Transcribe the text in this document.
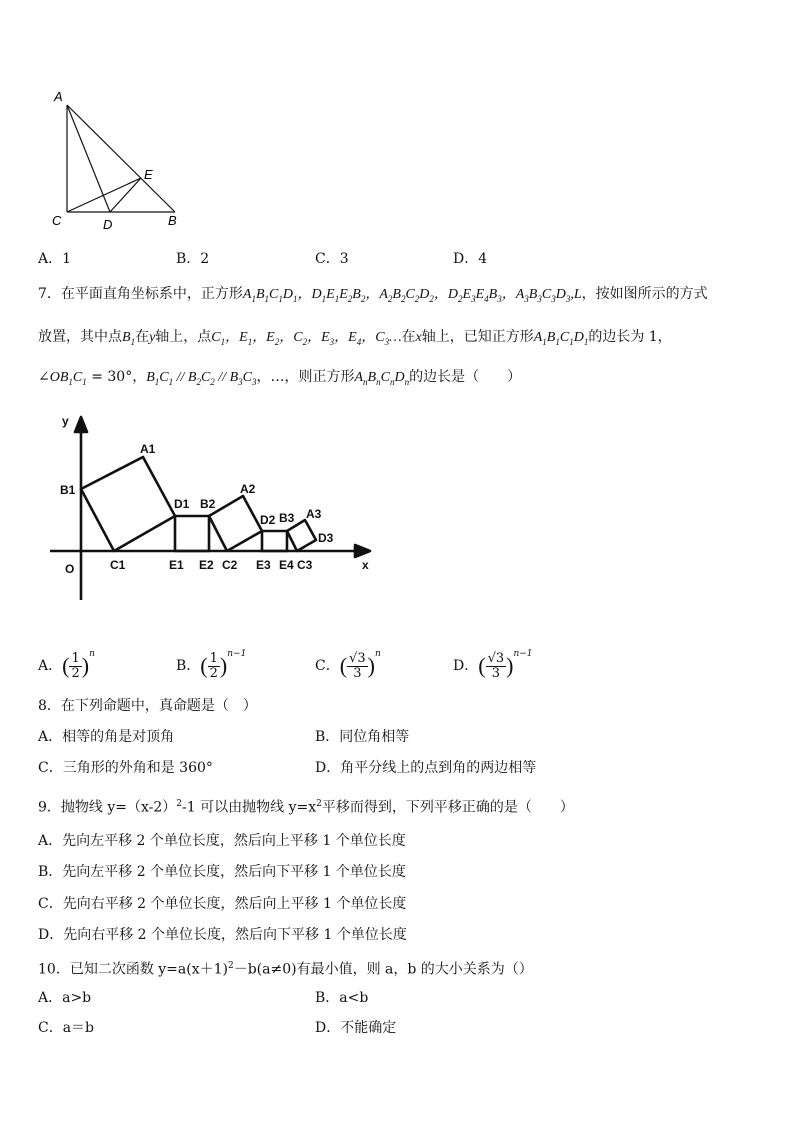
A
E
C	D	B
A．1	B．2	C．3	D．4
7．在平面直角坐标系中，正方形$A_1B_1C_1D_1$，$D_1E_1E_2B_2$，$A_2B_2C_2D_2$，$D_2E_3E_4B_3$，$A_3B_3C_3D_3,L$，按如图所示的方式
放置，其中点$B_1$在y轴上，点$C_1$，$E_1$，$E_2$，$C_2$，$E_3$，$E_4$，$C_3\dots$在x轴上，已知正方形$A_1B_1C_1D_1$的边长为 1，
$\angle OB_1C_1 = 30^\circ$，$B_1C_1 // B_2C_2 // B_3C_3$，…，则正方形$A_nB_nC_nD_n$的边长是（　　）
y
x
O
A1
B1
C1
D1
E1
B2
E2 C2
A2
D2
E3
B3
E4 C3
A3
D3
A．( $\frac{1}{2} )^n$
B．( $\frac{1}{2} )^{n-1}$
C．( $\frac{√3}{3} )^n$
D．( $\frac{√3}{3} )^{n-1}$
8．在下列命题中，真命题是（　）
A．相等的角是对顶角	B．同位角相等
C．三角形的外角和是 360°	D．角平分线上的点到角的两边相等
9．抛物线 $y=(x-2)^2-1$ 可以由抛物线 $y=x^2$平移而得到，下列平移正确的是（　　）
A．先向左平移 2 个单位长度，然后向上平移 1 个单位长度
B．先向左平移 2 个单位长度，然后向下平移 1 个单位长度
C．先向右平移 2 个单位长度，然后向上平移 1 个单位长度
D．先向右平移 2 个单位长度，然后向下平移 1 个单位长度
10．已知二次函数 $y=a(x+1)^2-b(a\ne 0)$有最小值，则 a，b 的大小关系为（）
A．a>b	B．a<b
C．a＝b	D．不能确定
